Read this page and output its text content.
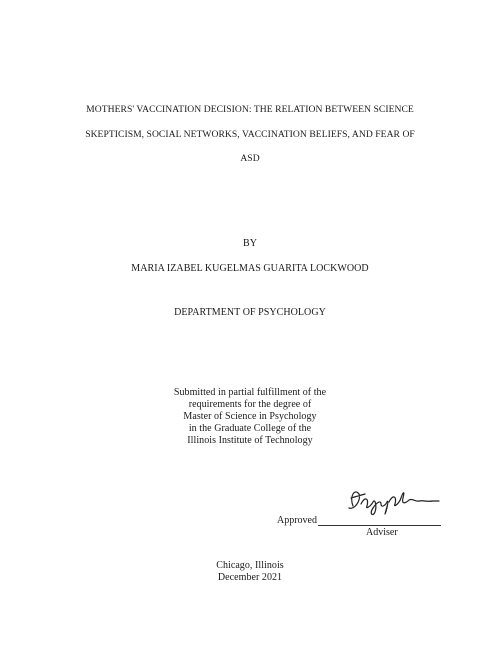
MOTHERS' VACCINATION DECISION: THE RELATION BETWEEN SCIENCE
SKEPTICISM, SOCIAL NETWORKS, VACCINATION BELIEFS, AND FEAR OF
ASD
BY
MARIA IZABEL KUGELMAS GUARITA LOCKWOOD
DEPARTMENT OF PSYCHOLOGY
Submitted in partial fulfillment of the
requirements for the degree of
Master of Science in Psychology
in the Graduate College of the
Illinois Institute of Technology
Approved
Adviser
Chicago, Illinois
December 2021
